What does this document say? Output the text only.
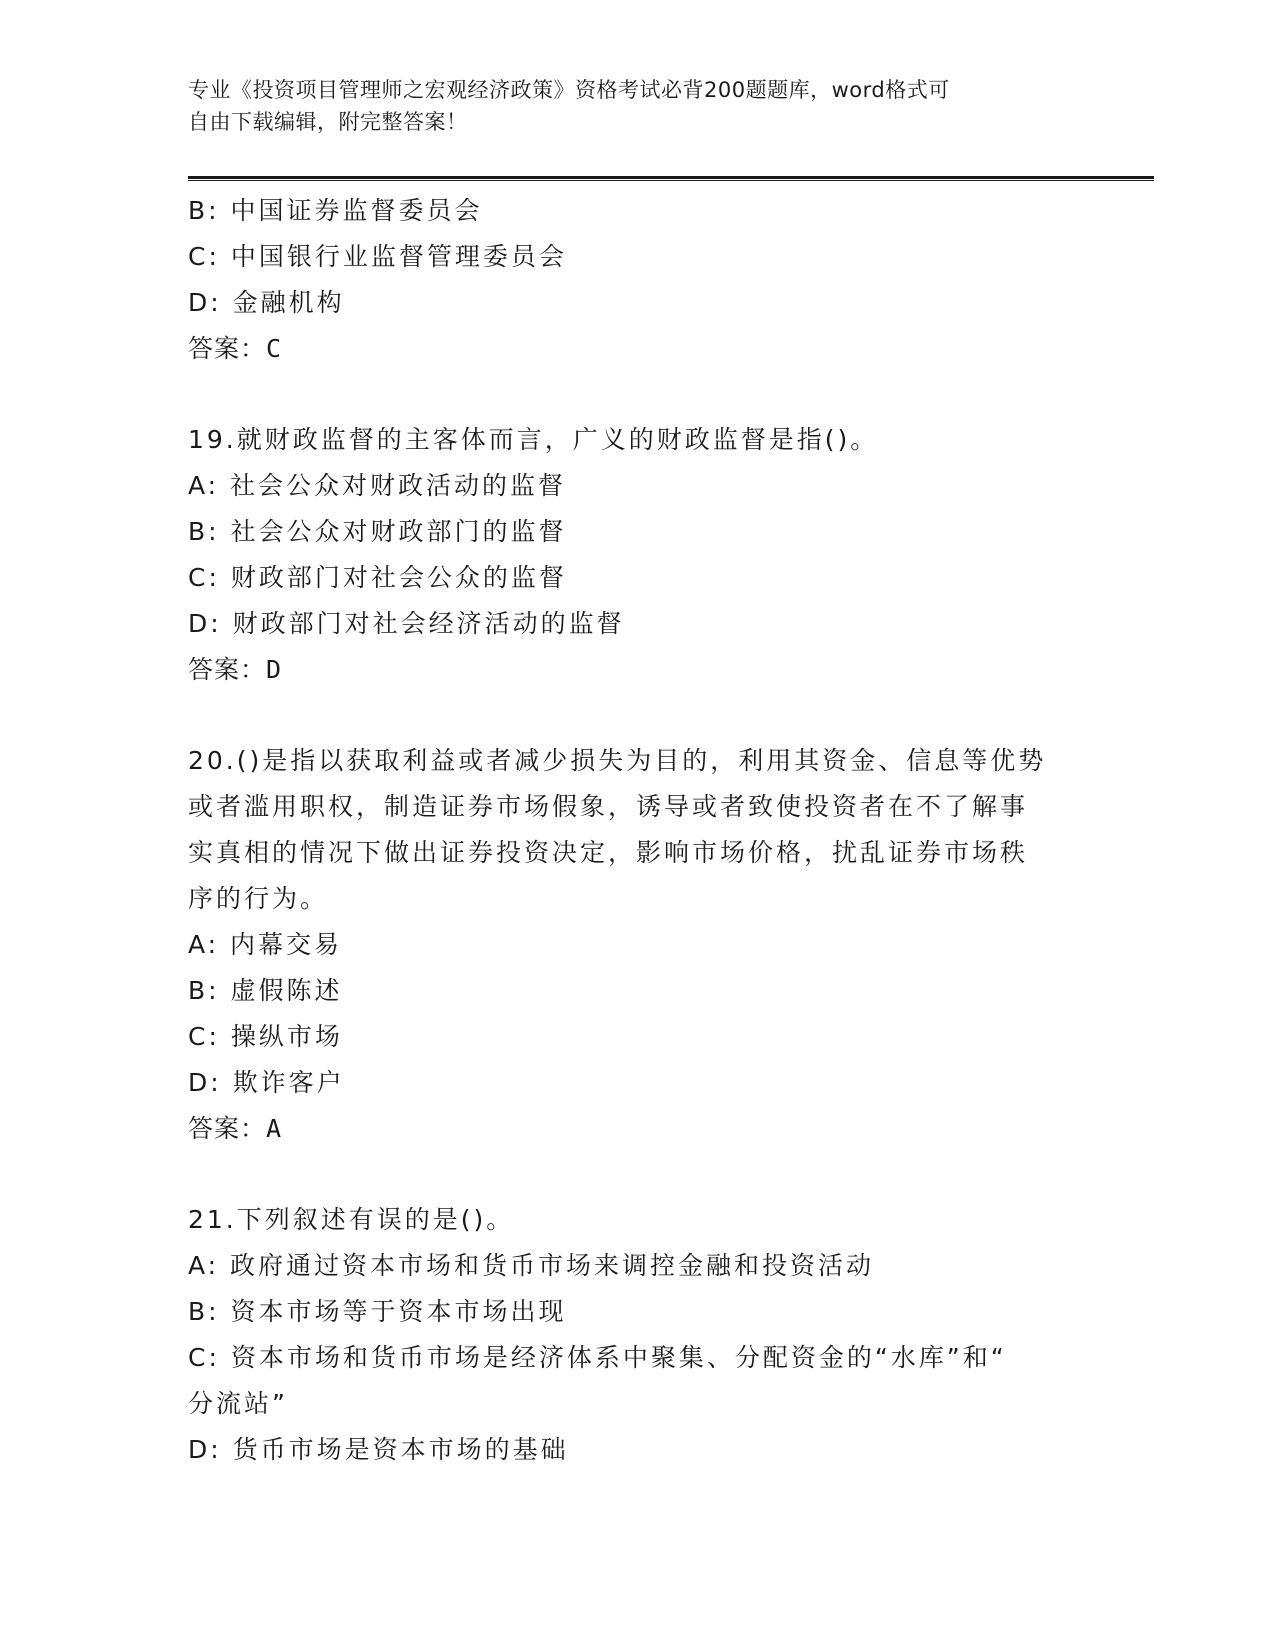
专业《投资项目管理师之宏观经济政策》资格考试必背200题题库，word格式可
自由下载编辑，附完整答案！
B: 中国证券监督委员会
C: 中国银行业监督管理委员会
D: 金融机构
答案：C
19.就财政监督的主客体而言，广义的财政监督是指()。
A: 社会公众对财政活动的监督
B: 社会公众对财政部门的监督
C: 财政部门对社会公众的监督
D: 财政部门对社会经济活动的监督
答案：D
20.()是指以获取利益或者减少损失为目的，利用其资金、信息等优势
或者滥用职权，制造证券市场假象，诱导或者致使投资者在不了解事
实真相的情况下做出证券投资决定，影响市场价格，扰乱证券市场秩
序的行为。
A: 内幕交易
B: 虚假陈述
C: 操纵市场
D: 欺诈客户
答案：A
21.下列叙述有误的是()。
A: 政府通过资本市场和货币市场来调控金融和投资活动
B: 资本市场等于资本市场出现
C: 资本市场和货币市场是经济体系中聚集、分配资金的“水库”和“
分流站”
D: 货币市场是资本市场的基础
